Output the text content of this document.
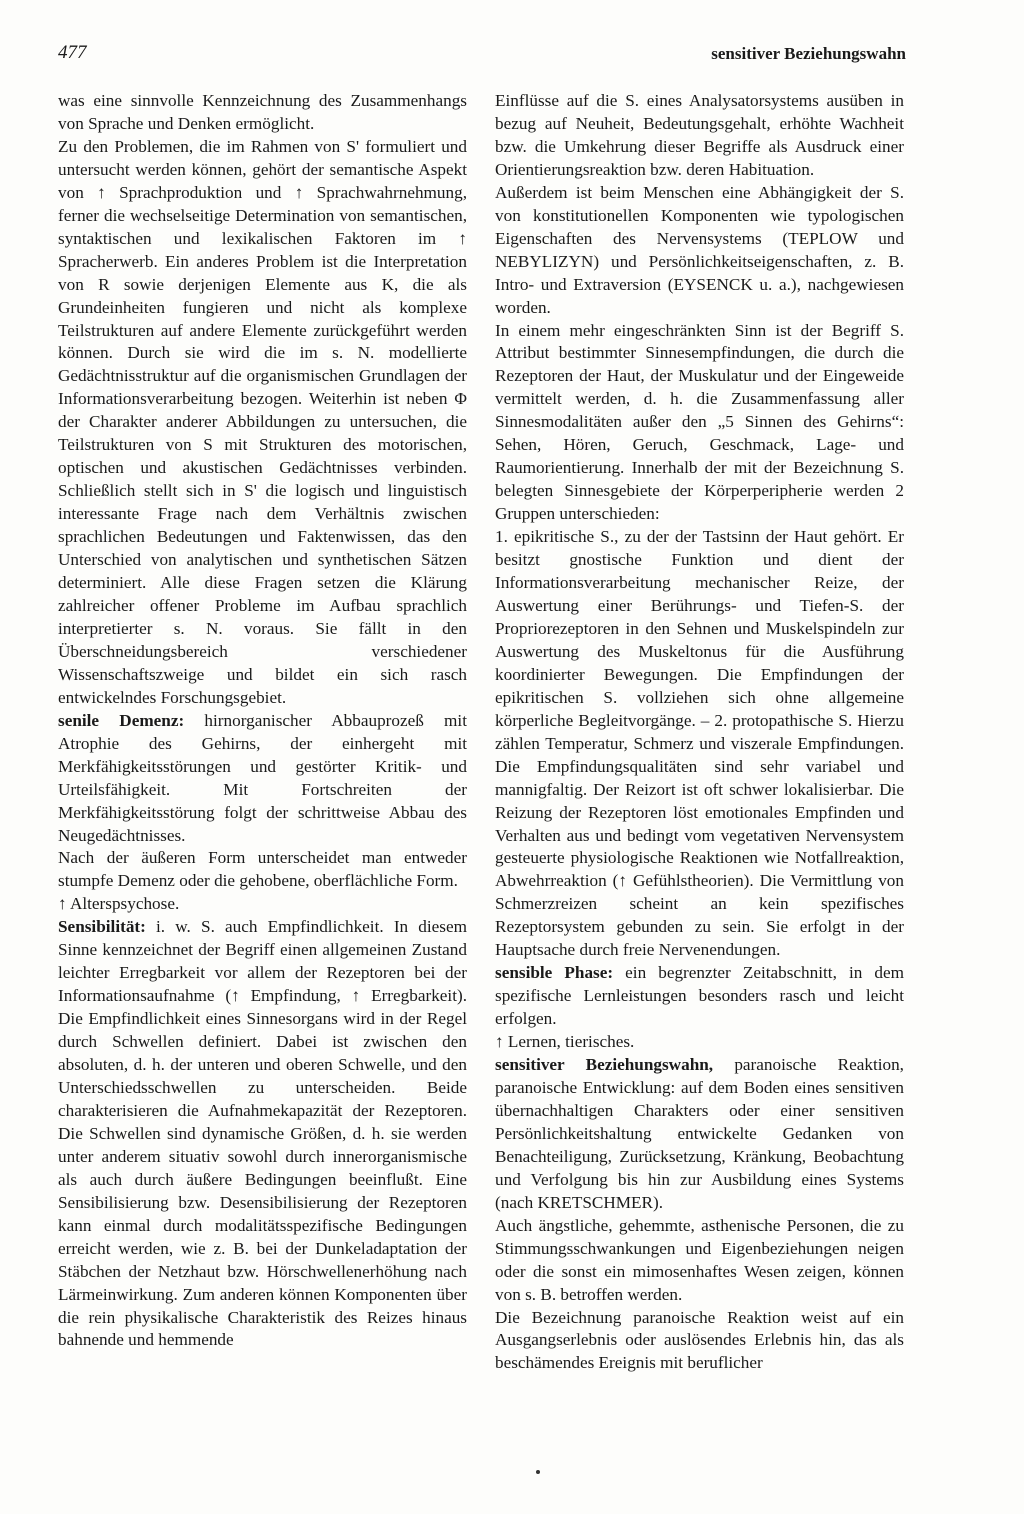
477	sensitiver Beziehungswahn

was eine sinnvolle Kennzeichnung des Zusammenhangs von Sprache und Denken ermöglicht.

Zu den Problemen, die im Rahmen von S' formuliert und untersucht werden können, gehört der semantische Aspekt von ↑ Sprachproduktion und ↑ Sprachwahrnehmung, ferner die wechselseitige Determination von semantischen, syntaktischen und lexikalischen Faktoren im ↑ Spracherwerb. Ein anderes Problem ist die Interpretation von R sowie derjenigen Elemente aus K, die als Grundeinheiten fungieren und nicht als komplexe Teilstrukturen auf andere Elemente zurückgeführt werden können. Durch sie wird die im s. N. modellierte Gedächtnisstruktur auf die organismischen Grundlagen der Informationsverarbeitung bezogen. Weiterhin ist neben Φ der Charakter anderer Abbildungen zu untersuchen, die Teilstrukturen von S mit Strukturen des motorischen, optischen und akustischen Gedächtnisses verbinden. Schließlich stellt sich in S' die logisch und linguistisch interessante Frage nach dem Verhältnis zwischen sprachlichen Bedeutungen und Faktenwissen, das den Unterschied von analytischen und synthetischen Sätzen determiniert. Alle diese Fragen setzen die Klärung zahlreicher offener Probleme im Aufbau sprachlich interpretierter s. N. voraus. Sie fällt in den Überschneidungsbereich verschiedener Wissenschaftszweige und bildet ein sich rasch entwickelndes Forschungsgebiet.

senile Demenz: hirnorganischer Abbauprozeß mit Atrophie des Gehirns, der einhergeht mit Merkfähigkeitsstörungen und gestörter Kritik- und Urteilsfähigkeit. Mit Fortschreiten der Merkfähigkeitsstörung folgt der schrittweise Abbau des Neugedächtnisses.

Nach der äußeren Form unterscheidet man entweder stumpfe Demenz oder die gehobene, oberflächliche Form.

↑ Alterspsychose.

Sensibilität: i. w. S. auch Empfindlichkeit. In diesem Sinne kennzeichnet der Begriff einen allgemeinen Zustand leichter Erregbarkeit vor allem der Rezeptoren bei der Informationsaufnahme (↑ Empfindung, ↑ Erregbarkeit). Die Empfindlichkeit eines Sinnesorgans wird in der Regel durch Schwellen definiert. Dabei ist zwischen den absoluten, d. h. der unteren und oberen Schwelle, und den Unterschiedsschwellen zu unterscheiden. Beide charakterisieren die Aufnahmekapazität der Rezeptoren. Die Schwellen sind dynamische Größen, d. h. sie werden unter anderem situativ sowohl durch innerorganismische als auch durch äußere Bedingungen beeinflußt. Eine Sensibilisierung bzw. Desensibilisierung der Rezeptoren kann einmal durch modalitätsspezifische Bedingungen erreicht werden, wie z. B. bei der Dunkeladaptation der Stäbchen der Netzhaut bzw. Hörschwellenerhöhung nach Lärmeinwirkung. Zum anderen können Komponenten über die rein physikalische Charakteristik des Reizes hinaus bahnende und hemmende

Einflüsse auf die S. eines Analysatorsystems ausüben in bezug auf Neuheit, Bedeutungsgehalt, erhöhte Wachheit bzw. die Umkehrung dieser Begriffe als Ausdruck einer Orientierungsreaktion bzw. deren Habituation.

Außerdem ist beim Menschen eine Abhängigkeit der S. von konstitutionellen Komponenten wie typologischen Eigenschaften des Nervensystems (TEPLOW und NEBYLIZYN) und Persönlichkeitseigenschaften, z. B. Intro- und Extraversion (EYSENCK u. a.), nachgewiesen worden.

In einem mehr eingeschränkten Sinn ist der Begriff S. Attribut bestimmter Sinnesempfindungen, die durch die Rezeptoren der Haut, der Muskulatur und der Eingeweide vermittelt werden, d. h. die Zusammenfassung aller Sinnesmodalitäten außer den „5 Sinnen des Gehirns“: Sehen, Hören, Geruch, Geschmack, Lage- und Raumorientierung. Innerhalb der mit der Bezeichnung S. belegten Sinnesgebiete der Körperperipherie werden 2 Gruppen unterschieden:

1. epikritische S., zu der der Tastsinn der Haut gehört. Er besitzt gnostische Funktion und dient der Informationsverarbeitung mechanischer Reize, der Auswertung einer Berührungs- und Tiefen-S. der Propriorezeptoren in den Sehnen und Muskelspindeln zur Auswertung des Muskeltonus für die Ausführung koordinierter Bewegungen. Die Empfindungen der epikritischen S. vollziehen sich ohne allgemeine körperliche Begleitvorgänge. – 2. protopathische S. Hierzu zählen Temperatur, Schmerz und viszerale Empfindungen. Die Empfindungsqualitäten sind sehr variabel und mannigfaltig. Der Reizort ist oft schwer lokalisierbar. Die Reizung der Rezeptoren löst emotionales Empfinden und Verhalten aus und bedingt vom vegetativen Nervensystem gesteuerte physiologische Reaktionen wie Notfallreaktion, Abwehrreaktion (↑ Gefühlstheorien). Die Vermittlung von Schmerzreizen scheint an kein spezifisches Rezeptorsystem gebunden zu sein. Sie erfolgt in der Hauptsache durch freie Nervenendungen.

sensible Phase: ein begrenzter Zeitabschnitt, in dem spezifische Lernleistungen besonders rasch und leicht erfolgen.

↑ Lernen, tierisches.

sensitiver Beziehungswahn, paranoische Reaktion, paranoische Entwicklung: auf dem Boden eines sensitiven übernachhaltigen Charakters oder einer sensitiven Persönlichkeitshaltung entwickelte Gedanken von Benachteiligung, Zurücksetzung, Kränkung, Beobachtung und Verfolgung bis hin zur Ausbildung eines Systems (nach KRETSCHMER).

Auch ängstliche, gehemmte, asthenische Personen, die zu Stimmungsschwankungen und Eigenbeziehungen neigen oder die sonst ein mimosenhaftes Wesen zeigen, können von s. B. betroffen werden.

Die Bezeichnung paranoische Reaktion weist auf ein Ausgangserlebnis oder auslösendes Erlebnis hin, das als beschämendes Ereignis mit beruflicher
